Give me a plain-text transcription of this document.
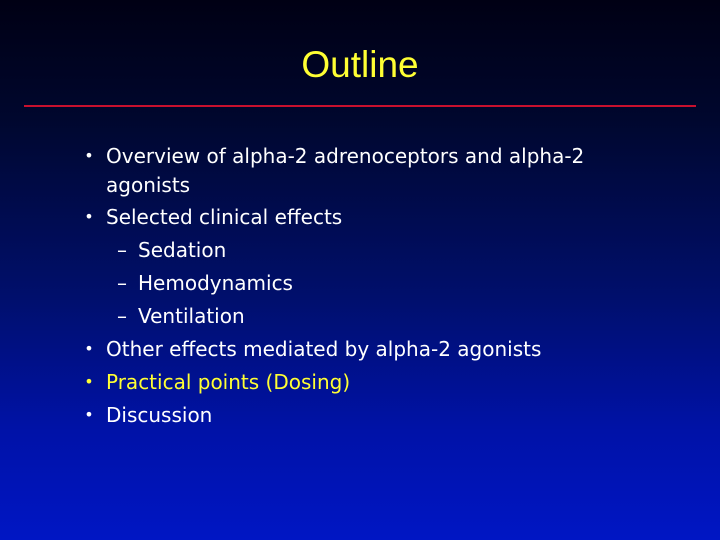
Outline
• Overview of alpha-2 adrenoceptors and alpha-2
agonists
• Selected clinical effects
– Sedation
– Hemodynamics
– Ventilation
• Other effects mediated by alpha-2 agonists
• Practical points (Dosing)
• Discussion
